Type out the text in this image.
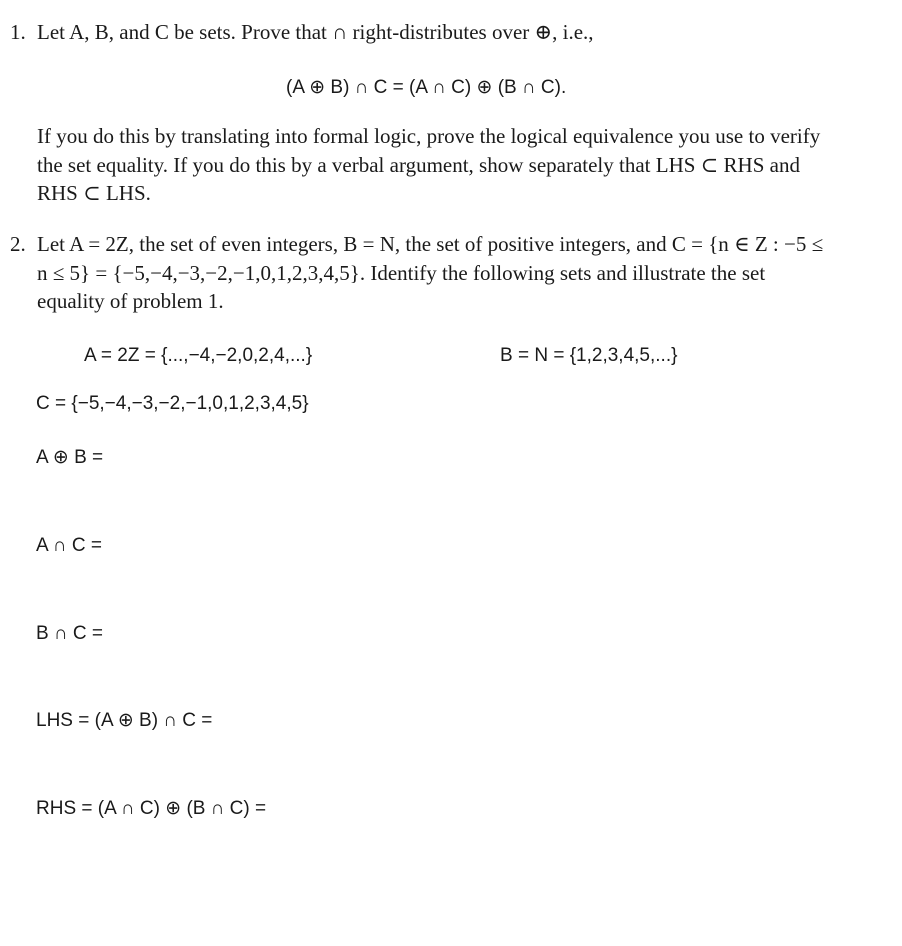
1. Let A, B, and C be sets. Prove that ∩ right-distributes over ⊕, i.e.,
(A ⊕ B) ∩ C = (A ∩ C) ⊕ (B ∩ C).
If you do this by translating into formal logic, prove the logical equivalence you use to verify the set equality. If you do this by a verbal argument, show separately that LHS ⊂ RHS and RHS ⊂ LHS.
2. Let A = 2Z, the set of even integers, B = N, the set of positive integers, and C = {n ∈ Z : −5 ≤ n ≤ 5} = {−5,−4,−3,−2,−1,0,1,2,3,4,5}. Identify the following sets and illustrate the set equality of problem 1.
A = 2Z = {...,−4,−2,0,2,4,...}	B = N = {1,2,3,4,5,...}
C = {−5,−4,−3,−2,−1,0,1,2,3,4,5}
A ⊕ B =
A ∩ C =
B ∩ C =
LHS = (A ⊕ B) ∩ C =
RHS = (A ∩ C) ⊕ (B ∩ C) =
